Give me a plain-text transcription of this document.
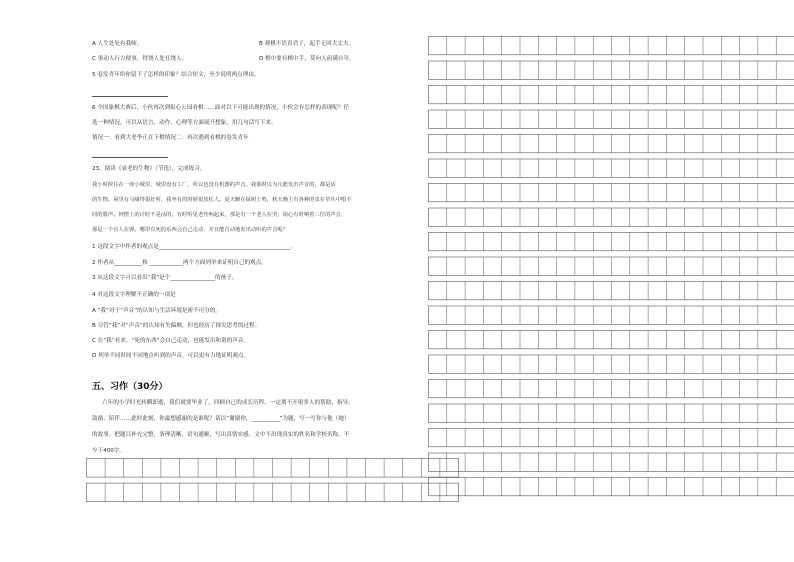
A 人生处处有我师。	B 观棋不语真君子，起手无回大丈夫。
C 事动人行方便事，得饶人处且饶人。	D 棋中要有棋中手，莫向人前满自夸。
5 卷发青年给你留下了怎样的印象？结合短文，至少说明两点理由。
6 全国象棋大赛后，小伙再次到街心公园看棋……面对以下可能出现的情况，小伙会有怎样的表现呢？任
选一种情况，可以从语言、动作、心理等方面展开想象，用几句话写下来。
情况一：看到大老李正在下棋情况二：再次遇到看棋的卷发青年
23、阅读《衰老的生物》（节选），完成练习。
我小时候住在一座小城里，城里没有工厂，所以也没有机器的声音。我那时以为凡能发出声音的，都是活
的生物。屋里有马啸得很好听，我坐有的时候很放松人。夏天蝉在绿树上鸣，秋天晚上有各种的虫在草丛中唱不
同的歌声。钟摆上的计时不是活的。有时听见老丝响起来，那是有一个老人在哭；街心有时响着三位的声音，
那是一个盲人在弹。哪里有死的东西会自己走动，并且能自动地发出动听的声音呢？
1 这段文字中作者的观点是_______________________________________________。
2 作者从__________和 ____________两个方面列举来证明自己的观点。
3 从这段文字可以看出“我”是个________________的孩子。
4 对这段文字理解不正确的一项是
A “我”对于“声音”的认知与生活环境是密不可分的。
B 尽管“我”对“声音”的认知有失偏颇，但也经历了探究思考的过程。
C 在“我”看来，“死的东西”会自己走动，也能发出和谐的声音。
D 列举不同时间不同地点听到的声音，可以更有力地证明观点。
五、习作（30分）
六年的小学时光转瞬即逝，我们就要毕业了，回顾自己的成长历程，一定离不开很多人的帮助、指导、
鼓励、陪伴……此时此刻，你最想感谢的是谁呢？请以“谢谢你，__________”为题，写一写你与他（她）
的故事。把题目补充完整，条理清晰，语句通顺，写出真情实感。文中不出现真实的姓名和学校名称，不
少于400字。
